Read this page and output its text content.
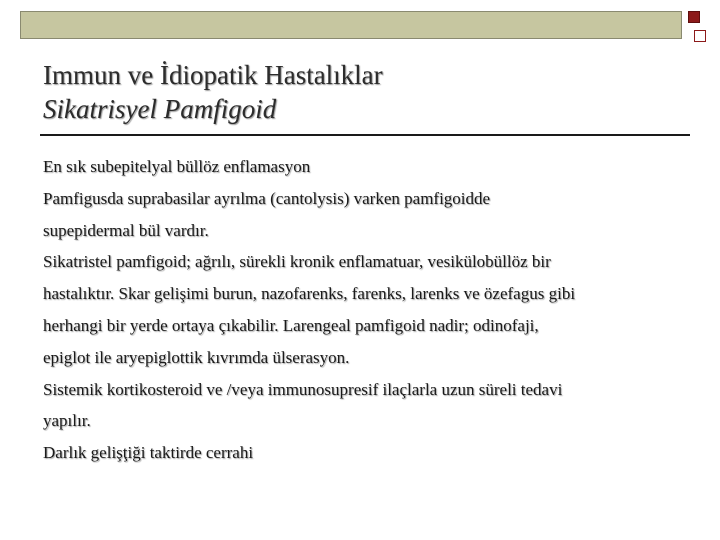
Immun ve İdiopatik Hastalıklar
Sikatrisyel Pamfigoid
En sık subepitelyal büllöz enflamasyon
Pamfigusda suprabasilar ayrılma (cantolysis) varken pamfigoidde
supepidermal bül vardır.
Sikatristel pamfigoid; ağrılı, sürekli kronik enflamatuar, vesikülobüllöz bir
hastalıktır. Skar gelişimi burun, nazofarenks, farenks, larenks ve özefagus gibi
herhangi bir yerde ortaya çıkabilir. Larengeal pamfigoid nadir; odinofaji,
epiglot ile aryepiglottik kıvrımda ülserasyon.
Sistemik kortikosteroid ve /veya immunosupresif ilaçlarla uzun süreli tedavi
yapılır.
Darlık gelişţiği taktirde cerrahi
